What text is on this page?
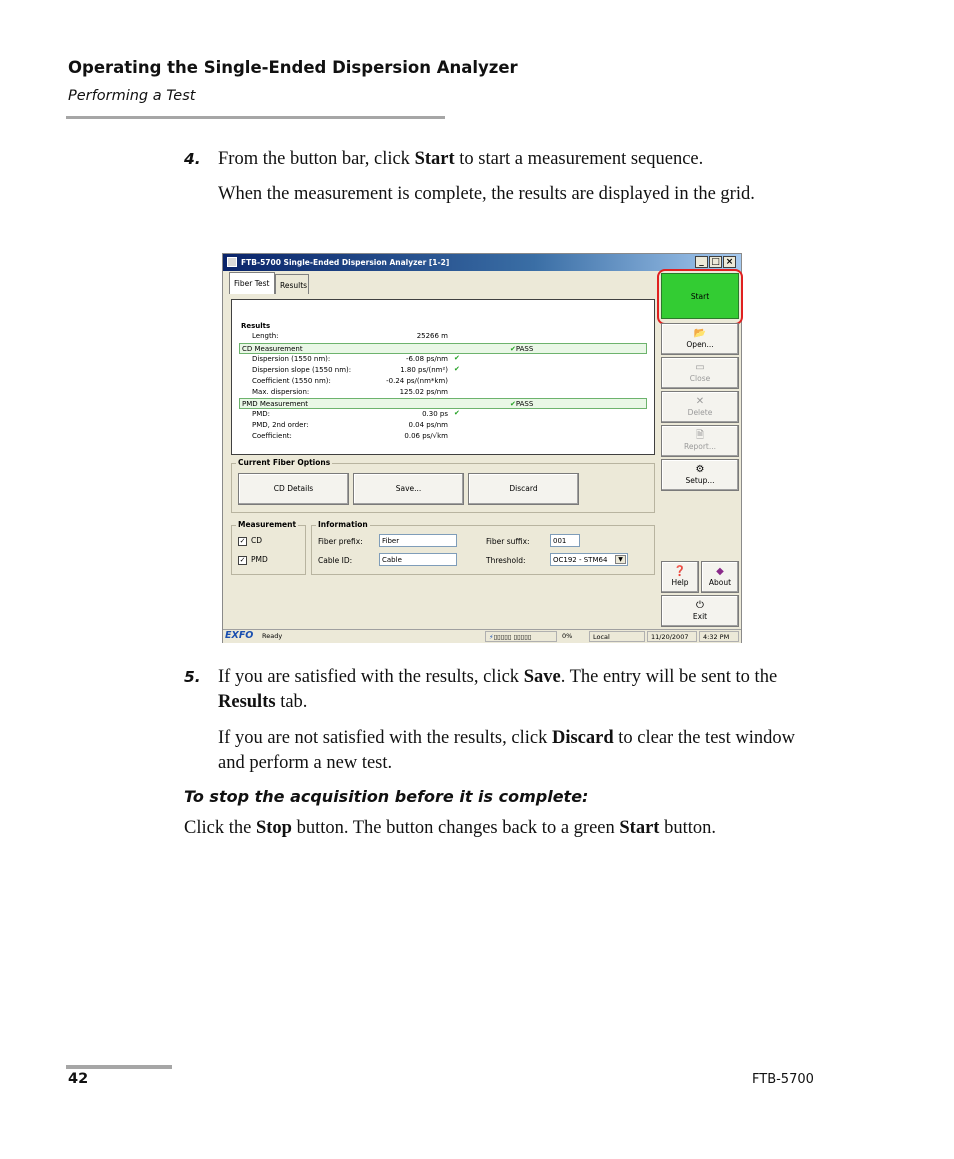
Operating the Single-Ended Dispersion Analyzer
Performing a Test
4. From the button bar, click Start to start a measurement sequence.
When the measurement is complete, the results are displayed in the grid.
FTB-5700 Single-Ended Dispersion Analyzer [1-2]	_ □ ×
Fiber Test	Results
Results
Length:	25266 m
CD Measurement	✔PASS
Dispersion (1550 nm):	-6.08 ps/nm ✔
Dispersion slope (1550 nm):	1.80 ps/(nm²) ✔
Coefficient (1550 nm):	-0.24 ps/(nm*km)
Max. dispersion:	125.02 ps/nm
PMD Measurement	✔PASS
PMD:	0.30 ps ✔
PMD, 2nd order:	0.04 ps/nm
Coefficient:	0.06 ps/√km
Current Fiber Options
CD Details	Save...	Discard
Measurement
✓ CD
✓ PMD
Information
Fiber prefix:	Fiber
Cable ID:	Cable
Fiber suffix:	001
Threshold:	OC192 - STM64	▼
Start
📂
Open...
▭
Close
✕
Delete
🗎
Report...
⚙
Setup...
❓
Help
◆
About
⏻
Exit
EXFO	Ready	⚡▯▯▯▯▯ ▯▯▯▯▯	0%	Local	11/20/2007	4:32 PM
5. If you are satisfied with the results, click Save. The entry will be sent to the Results tab.
If you are not satisfied with the results, click Discard to clear the test window and perform a new test.
To stop the acquisition before it is complete:
Click the Stop button. The button changes back to a green Start button.
42	FTB-5700
